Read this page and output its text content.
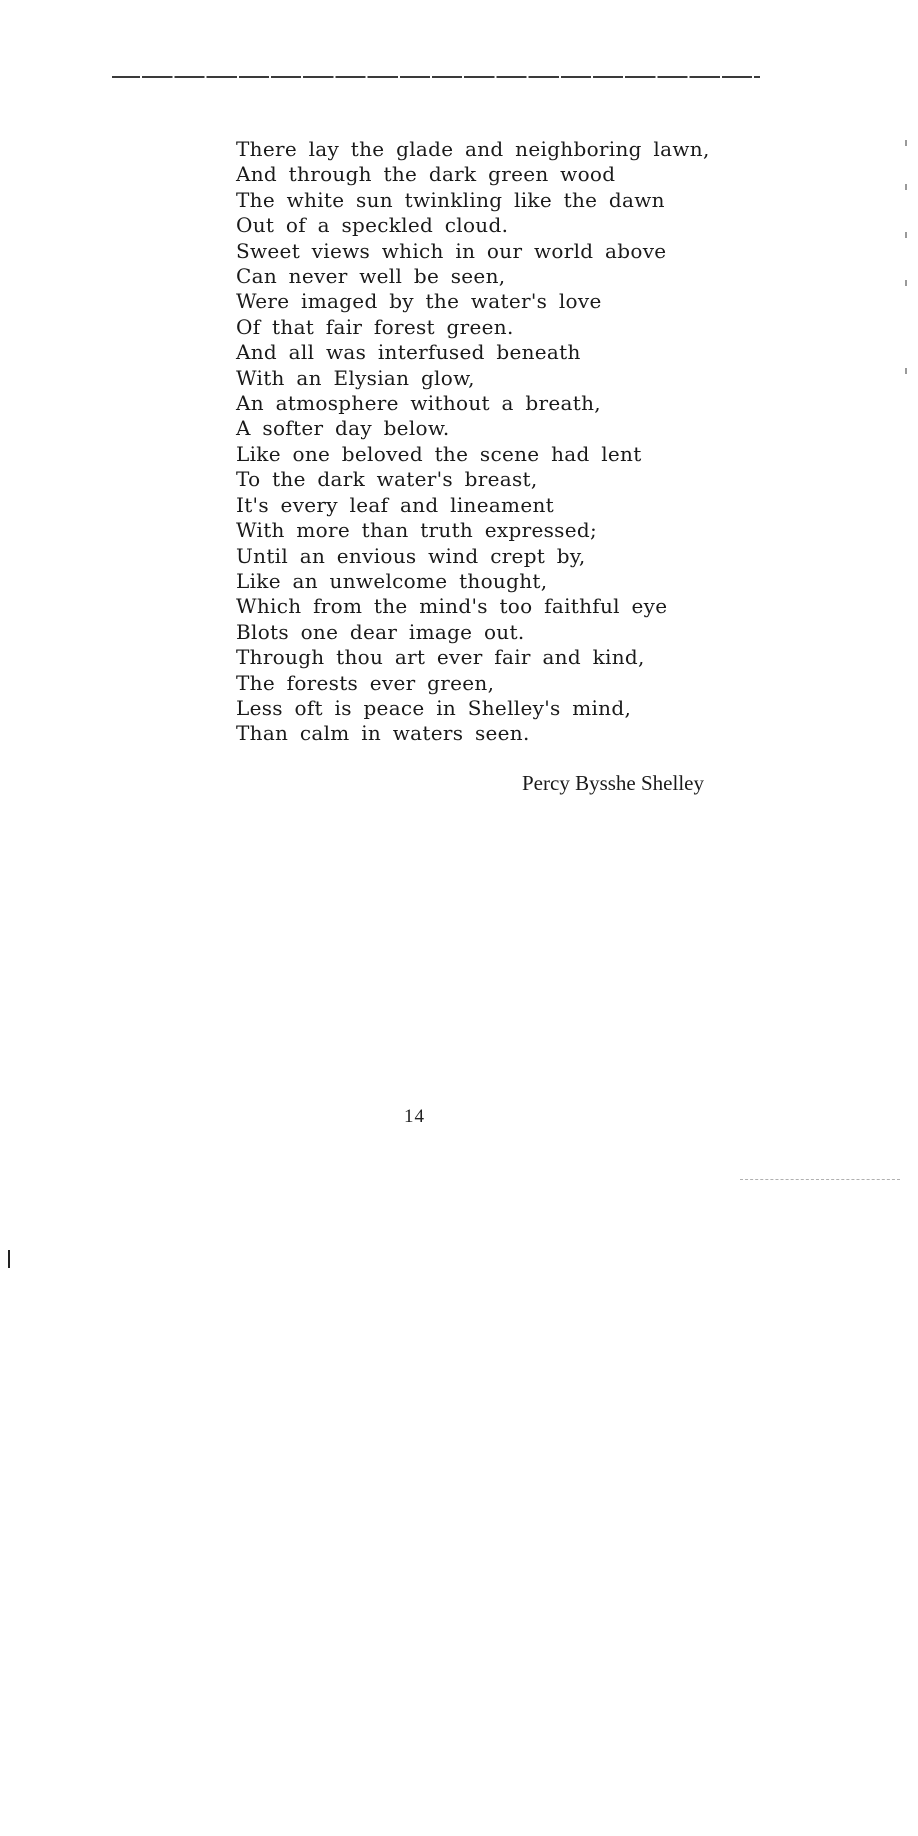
There lay the glade and neighboring lawn,
And through the dark green wood
The white sun twinkling like the dawn
Out of a speckled cloud.
Sweet views which in our world above
Can never well be seen,
Were imaged by the water's love
Of that fair forest green.
And all was interfused beneath
With an Elysian glow,
An atmosphere without a breath,
A softer day below.
Like one beloved the scene had lent
To the dark water's breast,
It's every leaf and lineament
With more than truth expressed;
Until an envious wind crept by,
Like an unwelcome thought,
Which from the mind's too faithful eye
Blots one dear image out.
Through thou art ever fair and kind,
The forests ever green,
Less oft is peace in Shelley's mind,
Than calm in waters seen.
Percy Bysshe Shelley
14
